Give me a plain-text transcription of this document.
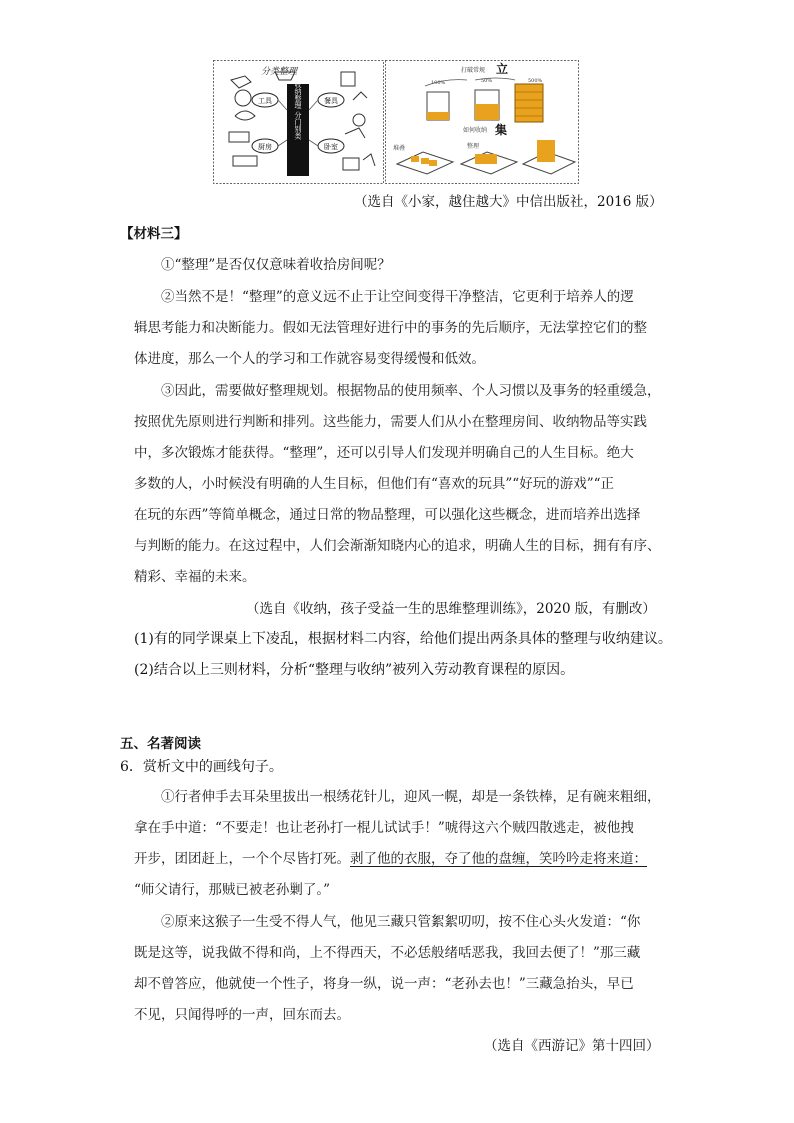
分类整理
收纳整理 分门别类
工具	餐具
厨房	卧室
打破常规 立
100%	50%	500%
如何收纳 集
堆叠	整理
（选自《小家，越住越大》中信出版社，2016 版）
【材料三】
①“整理”是否仅仅意味着收拾房间呢？
②当然不是！“整理”的意义远不止于让空间变得干净整洁，它更利于培养人的逻
辑思考能力和决断能力。假如无法管理好进行中的事务的先后顺序，无法掌控它们的整
体进度，那么一个人的学习和工作就容易变得缓慢和低效。
③因此，需要做好整理规划。根据物品的使用频率、个人习惯以及事务的轻重缓急，
按照优先原则进行判断和排列。这些能力，需要人们从小在整理房间、收纳物品等实践
中，多次锻炼才能获得。“整理”，还可以引导人们发现并明确自己的人生目标。绝大
多数的人，小时候没有明确的人生目标，但他们有“喜欢的玩具”“好玩的游戏”“正
在玩的东西”等简单概念，通过日常的物品整理，可以强化这些概念，进而培养出选择
与判断的能力。在这过程中，人们会渐渐知晓内心的追求，明确人生的目标，拥有有序、
精彩、幸福的未来。
（选自《收纳，孩子受益一生的思维整理训练》，2020 版，有删改）
(1)有的同学课桌上下凌乱，根据材料二内容，给他们提出两条具体的整理与收纳建议。
(2)结合以上三则材料，分析“整理与收纳”被列入劳动教育课程的原因。
五、名著阅读
6．赏析文中的画线句子。
①行者伸手去耳朵里拔出一根绣花针儿，迎风一幌，却是一条铁棒，足有碗来粗细，
拿在手中道：“不要走！也让老孙打一棍儿试试手！”唬得这六个贼四散逃走，被他拽
开步，团团赶上，一个个尽皆打死。剥了他的衣服，夺了他的盘缠，笑吟吟走将来道：
“师父请行，那贼已被老孙剿了。”
②原来这猴子一生受不得人气，他见三藏只管絮絮叨叨，按不住心头火发道：“你
既是这等，说我做不得和尚，上不得西天，不必恁般绪咶恶我，我回去便了！”那三藏
却不曾答应，他就使一个性子，将身一纵，说一声：“老孙去也！”三藏急抬头，早已
不见，只闻得呼的一声，回东而去。
（选自《西游记》第十四回）
